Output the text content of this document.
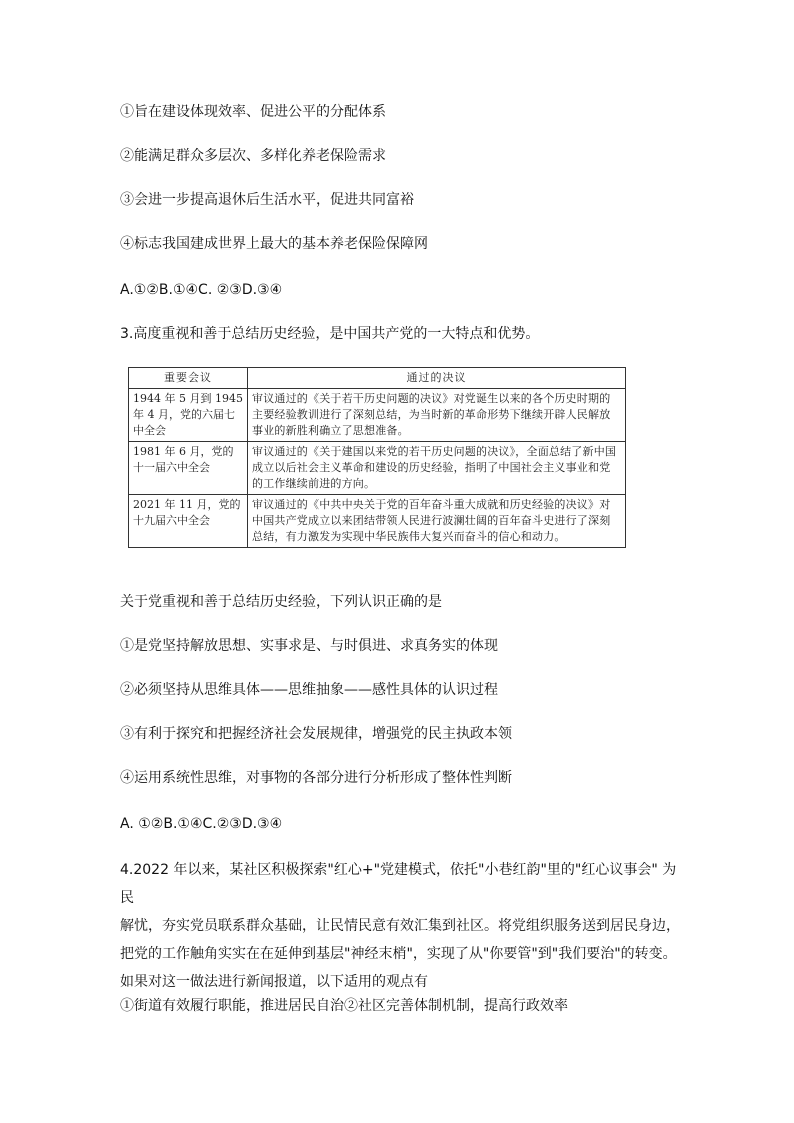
①旨在建设体现效率、促进公平的分配体系
②能满足群众多层次、多样化养老保险需求
③会进一步提高退休后生活水平，促进共同富裕
④标志我国建成世界上最大的基本养老保险保障网
A.①②B.①④C. ②③D.③④
3.高度重视和善于总结历史经验，是中国共产党的一大特点和优势。
重要会议	通过的决议
1944 年 5 月到 1945 年 4 月，党的六届七中全会	审议通过的《关于若干历史问题的决议》对党诞生以来的各个历史时期的主要经验教训进行了深刻总结，为当时新的革命形势下继续开辟人民解放事业的新胜利确立了思想准备。
1981 年 6 月，党的十一届六中全会	审议通过的《关于建国以来党的若干历史问题的决议》，全面总结了新中国成立以后社会主义革命和建设的历史经验，指明了中国社会主义事业和党的工作继续前进的方向。
2021 年 11 月，党的十九届六中全会	审议通过的《中共中央关于党的百年奋斗重大成就和历史经验的决议》对中国共产党成立以来团结带领人民进行波澜壮阔的百年奋斗史进行了深刻总结，有力激发为实现中华民族伟大复兴而奋斗的信心和动力。
关于党重视和善于总结历史经验，下列认识正确的是
①是党坚持解放思想、实事求是、与时俱进、求真务实的体现
②必须坚持从思维具体——思维抽象——感性具体的认识过程
③有利于探究和把握经济社会发展规律，增强党的民主执政本领
④运用系统性思维，对事物的各部分进行分析形成了整体性判断
A. ①②B.①④C.②③D.③④
4.2022 年以来，某社区积极探索"红心+"党建模式，依托"小巷红韵"里的"红心议事会" 为民
解忧，夯实党员联系群众基础，让民情民意有效汇集到社区。将党组织服务送到居民身边，
把党的工作触角实实在在延伸到基层"神经末梢"，实现了从"你要管"到"我们要治"的转变。
如果对这一做法进行新闻报道，以下适用的观点有
①街道有效履行职能，推进居民自治②社区完善体制机制，提高行政效率
